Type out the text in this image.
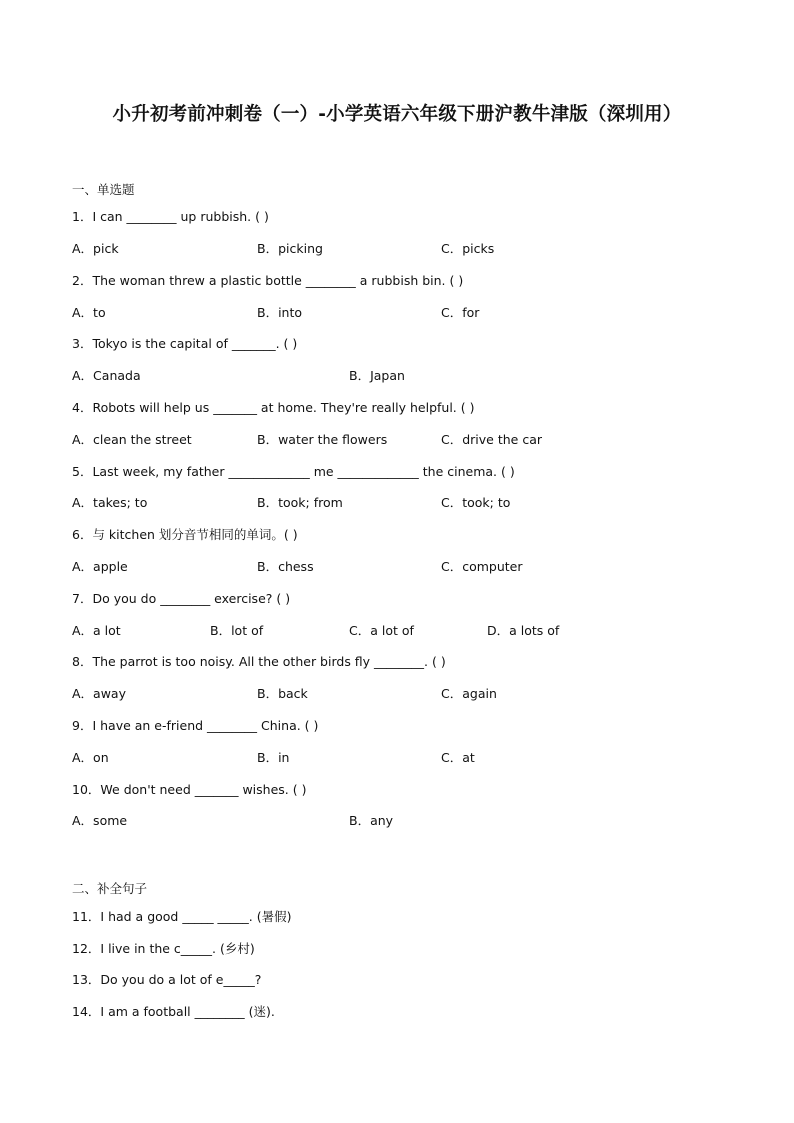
小升初考前冲刺卷（一）-小学英语六年级下册沪教牛津版（深圳用）
一、单选题
1．I can ________ up rubbish. ( )
A．pick	B．picking	C．picks
2．The woman threw a plastic bottle ________ a rubbish bin. ( )
A．to	B．into	C．for
3．Tokyo is the capital of _______. ( )
A．Canada	B．Japan
4．Robots will help us _______ at home. They're really helpful. ( )
A．clean the street	B．water the flowers	C．drive the car
5．Last week, my father _____________ me _____________ the cinema. ( )
A．takes; to	B．took; from	C．took; to
6．与 kitchen 划分音节相同的单词。( )
A．apple	B．chess	C．computer
7．Do you do ________ exercise? ( )
A．a lot	B．lot of	C．a lot of	D．a lots of
8．The parrot is too noisy. All the other birds fly ________. ( )
A．away	B．back	C．again
9．I have an e-friend ________ China. ( )
A．on	B．in	C．at
10．We don't need _______ wishes. ( )
A．some	B．any
二、补全句子
11．I had a good _____ _____. (暑假)
12．I live in the c_____. (乡村)
13．Do you do a lot of e_____?
14．I am a football ________ (迷).
